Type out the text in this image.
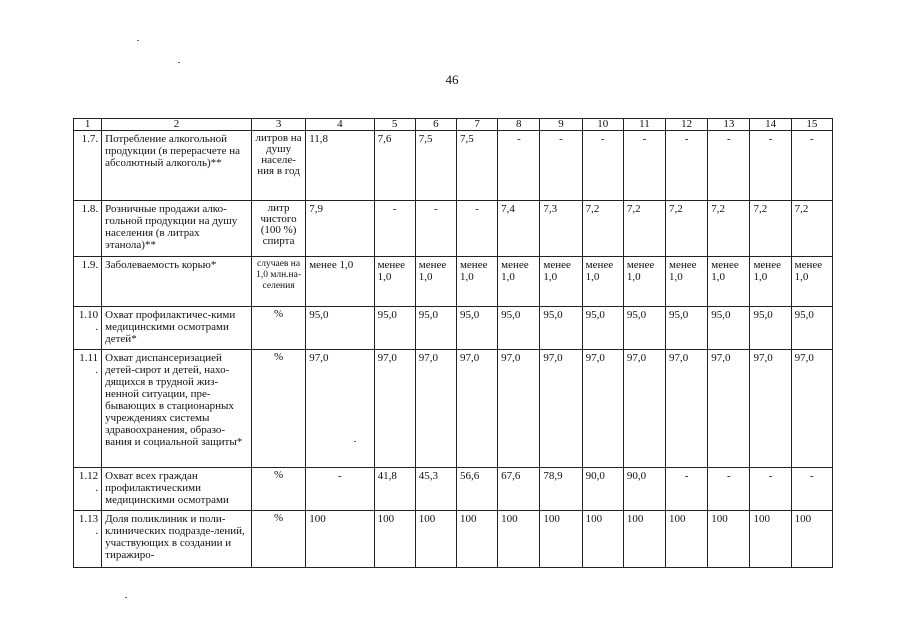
46
1	2	3	4	5	6	7	8	9	10	11	12	13	14	15
1.7.	Потребление алкогольной продукции (в перерасчете на абсолютный алкоголь)**	литров на душу населе-ния в год	11,8	7,6	7,5	7,5	-	-	-	-	-	-	-	-
1.8.	Розничные продажи алко-гольной продукции на душу населения (в литрах этанола)**	литр чистого (100 %) спирта	7,9	-	-	-	7,4	7,3	7,2	7,2	7,2	7,2	7,2	7,2
1.9.	Заболеваемость корью*	случаев на 1,0 млн.на-селения	менее 1,0	менее 1,0	менее 1,0	менее 1,0	менее 1,0	менее 1,0	менее 1,0	менее 1,0	менее 1,0	менее 1,0	менее 1,0	менее 1,0
1.10.	Охват профилактичес-кими медицинскими осмотрами детей*	%	95,0	95,0	95,0	95,0	95,0	95,0	95,0	95,0	95,0	95,0	95,0	95,0
1.11.	Охват диспансеризацией детей-сирот и детей, нахо-дящихся в трудной жиз-ненной ситуации, пре-бывающих в стационарных учреждениях системы здравоохранения, образо-вания и социальной защиты*	%	97,0	97,0	97,0	97,0	97,0	97,0	97,0	97,0	97,0	97,0	97,0	97,0
1.12.	Охват всех граждан профилактическими медицинскими осмотрами	%	-	41,8	45,3	56,6	67,6	78,9	90,0	90,0	-	-	-	-
1.13.	Доля поликлиник и поли-клинических подразде-лений, участвующих в создании и тиражиро-	%	100	100	100	100	100	100	100	100	100	100	100	100
